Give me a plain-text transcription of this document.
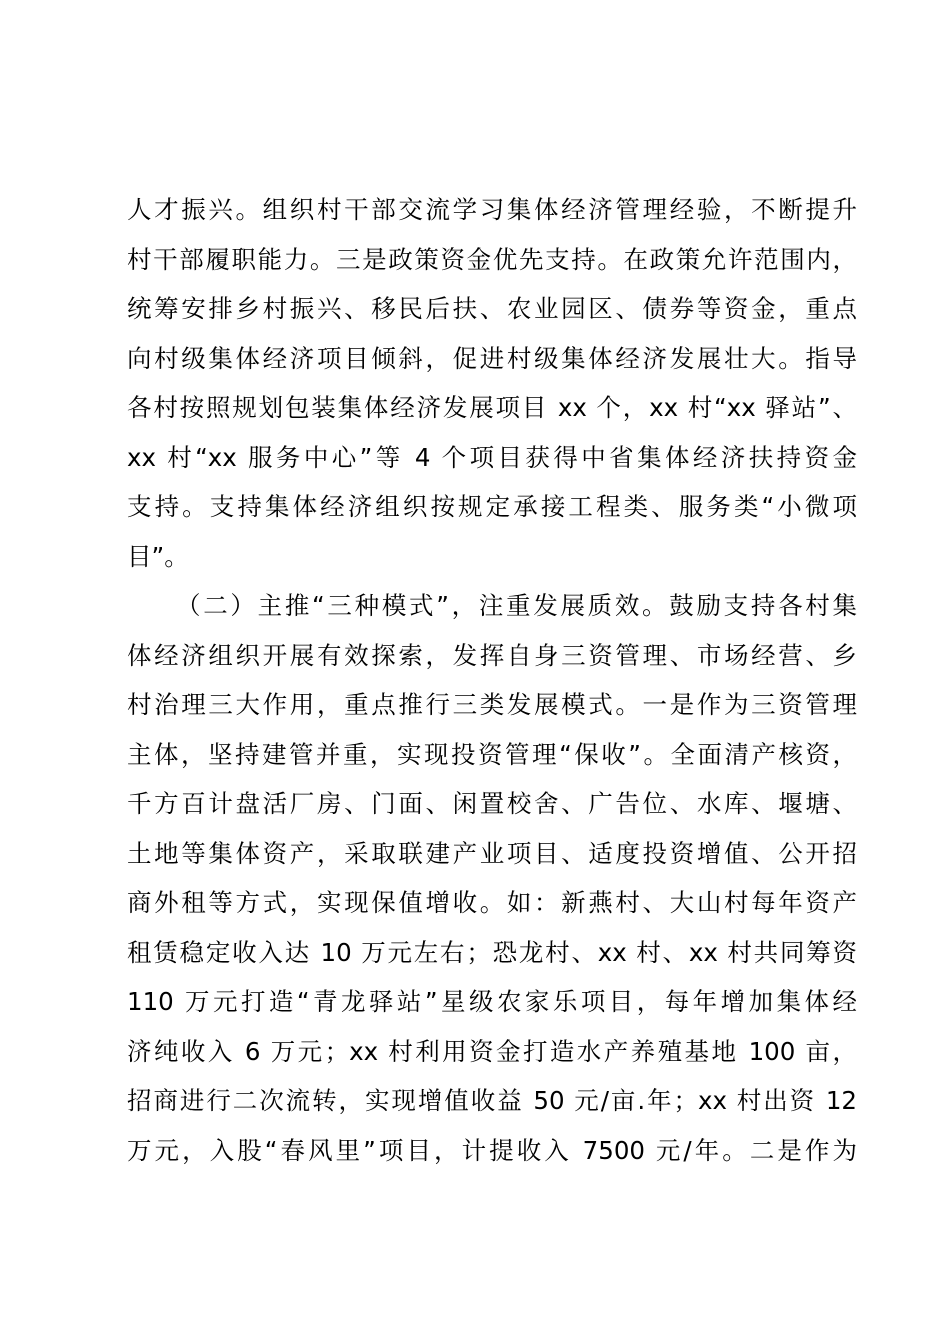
人才振兴。组织村干部交流学习集体经济管理经验，不断提升
村干部履职能力。三是政策资金优先支持。在政策允许范围内，
统筹安排乡村振兴、移民后扶、农业园区、债券等资金，重点
向村级集体经济项目倾斜，促进村级集体经济发展壮大。指导
各村按照规划包装集体经济发展项目 xx 个，xx 村“xx 驿站”、
xx 村“xx 服务中心”等 4 个项目获得中省集体经济扶持资金
支持。支持集体经济组织按规定承接工程类、服务类“小微项
目”。
（二）主推“三种模式”，注重发展质效。鼓励支持各村集
体经济组织开展有效探索，发挥自身三资管理、市场经营、乡
村治理三大作用，重点推行三类发展模式。一是作为三资管理
主体，坚持建管并重，实现投资管理“保收”。全面清产核资，
千方百计盘活厂房、门面、闲置校舍、广告位、水库、堰塘、
土地等集体资产，采取联建产业项目、适度投资增值、公开招
商外租等方式，实现保值增收。如：新燕村、大山村每年资产
租赁稳定收入达 10 万元左右；恐龙村、xx 村、xx 村共同筹资
110 万元打造“青龙驿站”星级农家乐项目，每年增加集体经
济纯收入 6 万元；xx 村利用资金打造水产养殖基地 100 亩，
招商进行二次流转，实现增值收益 50 元/亩.年；xx 村出资 12
万元，入股“春风里”项目，计提收入 7500 元/年。二是作为
